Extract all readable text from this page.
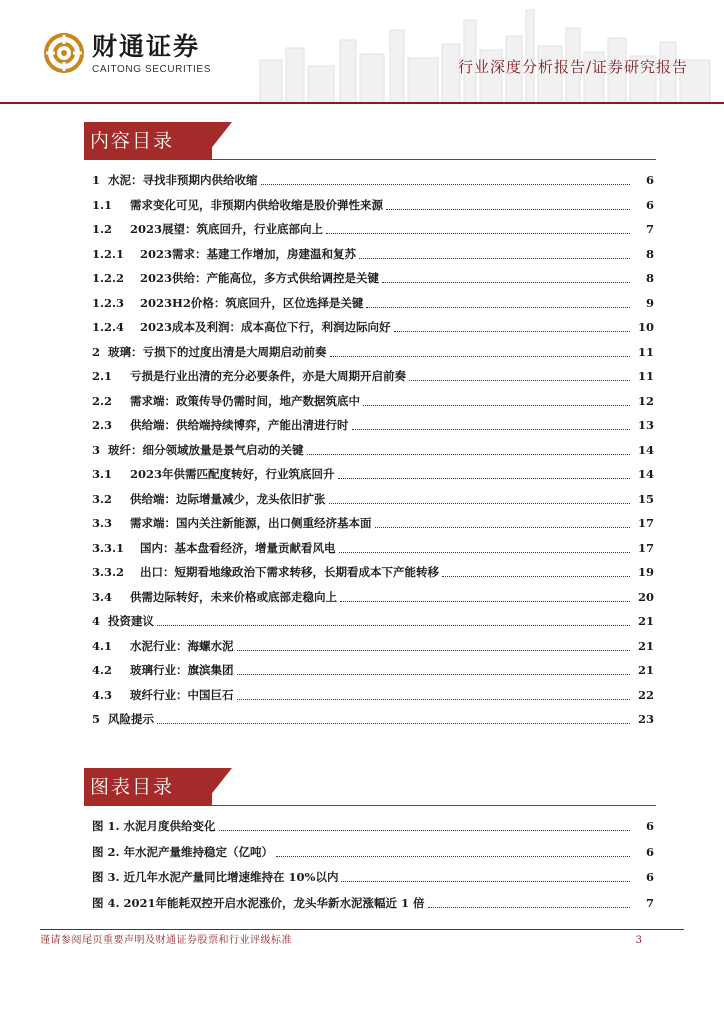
财通证券
CAITONG SECURITIES	行业深度分析报告/证券研究报告
内容目录
1 水泥：寻找非预期内供给收缩	6
1.1 需求变化可见，非预期内供给收缩是股价弹性来源	6
1.2 2023展望：筑底回升，行业底部向上	7
1.2.1 2023需求：基建工作增加，房建温和复苏	8
1.2.2 2023供给：产能高位，多方式供给调控是关键	8
1.2.3 2023H2价格：筑底回升，区位选择是关键	9
1.2.4 2023成本及利润：成本高位下行，利润边际向好	10
2 玻璃：亏损下的过度出清是大周期启动前奏	11
2.1 亏损是行业出清的充分必要条件，亦是大周期开启前奏	11
2.2 需求端：政策传导仍需时间，地产数据筑底中	12
2.3 供给端：供给端持续博弈，产能出清进行时	13
3 玻纤：细分领域放量是景气启动的关键	14
3.1 2023年供需匹配度转好，行业筑底回升	14
3.2 供给端：边际增量减少，龙头依旧扩张	15
3.3 需求端：国内关注新能源，出口侧重经济基本面	17
3.3.1 国内：基本盘看经济，增量贡献看风电	17
3.3.2 出口：短期看地缘政治下需求转移，长期看成本下产能转移	19
3.4 供需边际转好，未来价格或底部走稳向上	20
4 投资建议	21
4.1 水泥行业：海螺水泥	21
4.2 玻璃行业：旗滨集团	21
4.3 玻纤行业：中国巨石	22
5 风险提示	23
图表目录
图 1. 水泥月度供给变化	6
图 2. 年水泥产量维持稳定（亿吨）	6
图 3. 近几年水泥产量同比增速维持在 10%以内	6
图 4. 2021年能耗双控开启水泥涨价，龙头华新水泥涨幅近 1 倍	7
谨请参阅尾页重要声明及财通证券股票和行业评级标准	3
